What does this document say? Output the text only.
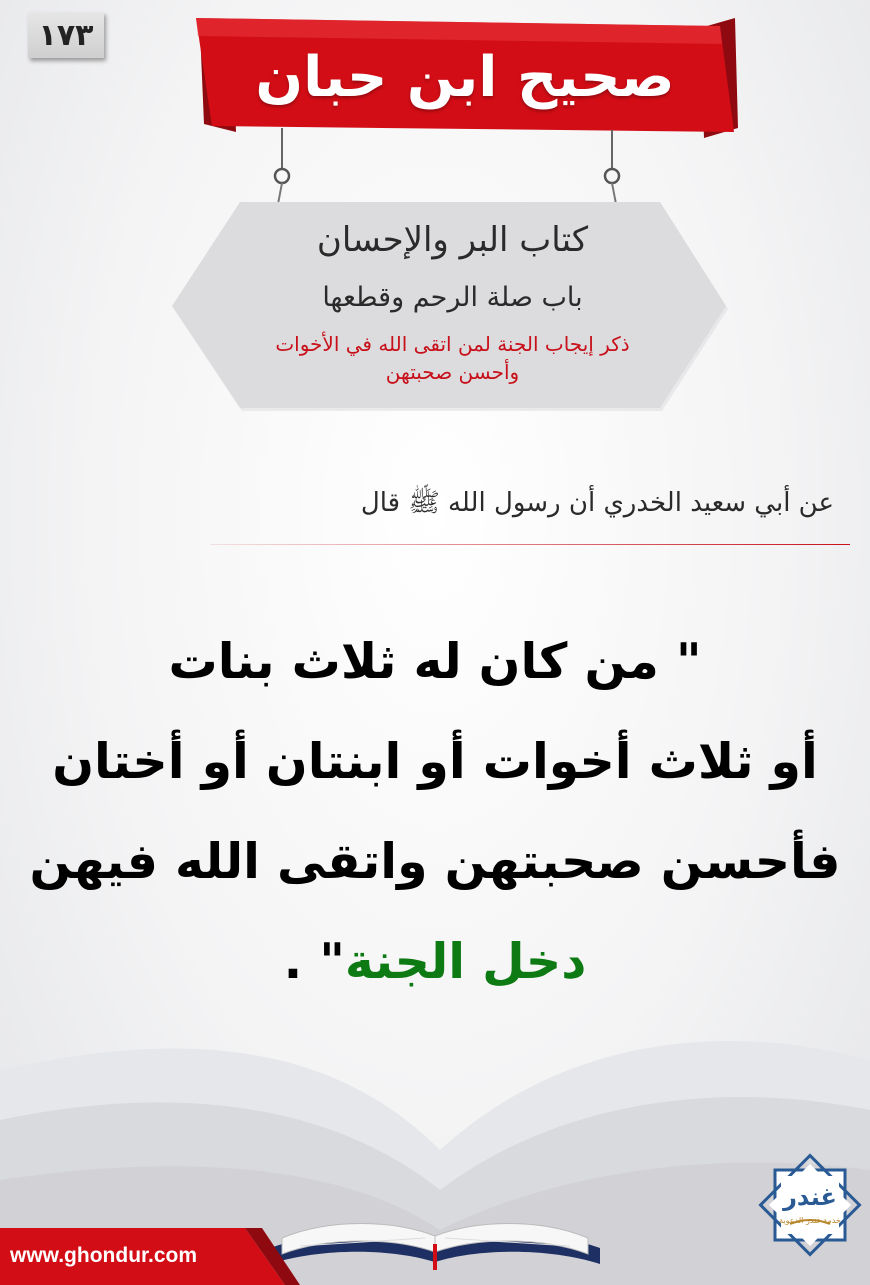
١٧٣
صحيح ابن حبان
كتاب البر والإحسان
باب صلة الرحم وقطعها
ذكر إيجاب الجنة لمن اتقى الله في الأخوات
وأحسن صحبتهن
عن أبي سعيد الخدري أن رسول الله ﷺ قال
" من كان له ثلاث بنات
أو ثلاث أخوات أو ابنتان أو أختان
فأحسن صحبتهن واتقى الله فيهن
دخل الجنة" .
www.ghondur.com
غندر
خدمة غندر الدعوية
